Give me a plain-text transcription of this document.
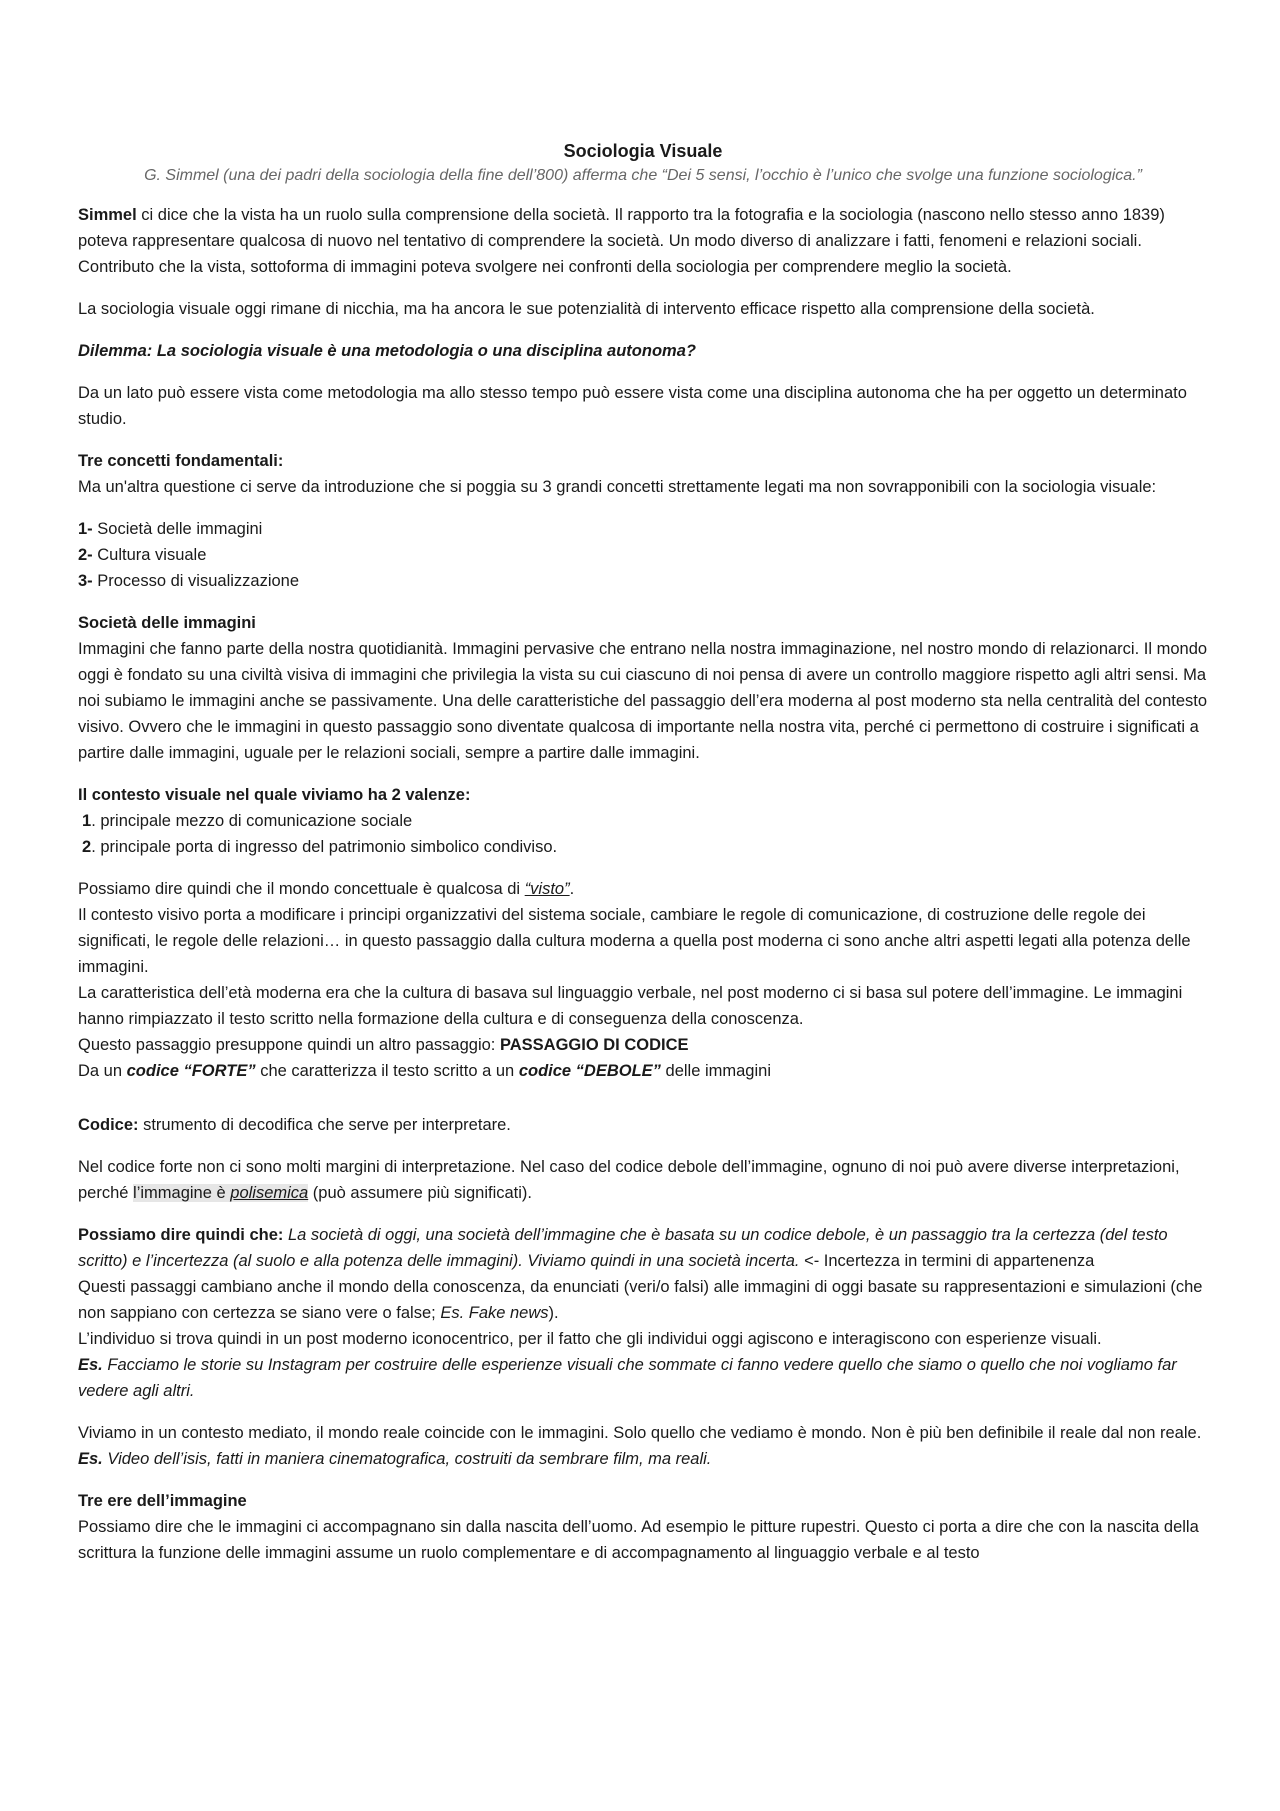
Sociologia Visuale
G. Simmel (una dei padri della sociologia della fine dell’800) afferma che “Dei 5 sensi, l’occhio è l’unico che svolge una funzione sociologica.”

Simmel ci dice che la vista ha un ruolo sulla comprensione della società. Il rapporto tra la fotografia e la sociologia (nascono nello stesso anno 1839) poteva rappresentare qualcosa di nuovo nel tentativo di comprendere la società. Un modo diverso di analizzare i fatti, fenomeni e relazioni sociali. Contributo che la vista, sottoforma di immagini poteva svolgere nei confronti della sociologia per comprendere meglio la società.

La sociologia visuale oggi rimane di nicchia, ma ha ancora le sue potenzialità di intervento efficace rispetto alla comprensione della società.

Dilemma: La sociologia visuale è una metodologia o una disciplina autonoma?

Da un lato può essere vista come metodologia ma allo stesso tempo può essere vista come una disciplina autonoma che ha per oggetto un determinato studio.

Tre concetti fondamentali:
Ma un'altra questione ci serve da introduzione che si poggia su 3 grandi concetti strettamente legati ma non sovrapponibili con la sociologia visuale:

1- Società delle immagini
2- Cultura visuale
3- Processo di visualizzazione

Società delle immagini
Immagini che fanno parte della nostra quotidianità. Immagini pervasive che entrano nella nostra immaginazione, nel nostro mondo di relazionarci. Il mondo oggi è fondato su una civiltà visiva di immagini che privilegia la vista su cui ciascuno di noi pensa di avere un controllo maggiore rispetto agli altri sensi. Ma noi subiamo le immagini anche se passivamente. Una delle caratteristiche del passaggio dell’era moderna al post moderno sta nella centralità del contesto visivo. Ovvero che le immagini in questo passaggio sono diventate qualcosa di importante nella nostra vita, perché ci permettono di costruire i significati a partire dalle immagini, uguale per le relazioni sociali, sempre a partire dalle immagini.

Il contesto visuale nel quale viviamo ha 2 valenze:
1. principale mezzo di comunicazione sociale
2. principale porta di ingresso del patrimonio simbolico condiviso.

Possiamo dire quindi che il mondo concettuale è qualcosa di “visto”.
Il contesto visivo porta a modificare i principi organizzativi del sistema sociale, cambiare le regole di comunicazione, di costruzione delle regole dei significati, le regole delle relazioni… in questo passaggio dalla cultura moderna a quella post moderna ci sono anche altri aspetti legati alla potenza delle immagini.
La caratteristica dell’età moderna era che la cultura di basava sul linguaggio verbale, nel post moderno ci si basa sul potere dell’immagine. Le immagini hanno rimpiazzato il testo scritto nella formazione della cultura e di conseguenza della conoscenza.
Questo passaggio presuppone quindi un altro passaggio: PASSAGGIO DI CODICE
Da un codice “FORTE” che caratterizza il testo scritto a un codice “DEBOLE” delle immagini

Codice: strumento di decodifica che serve per interpretare.

Nel codice forte non ci sono molti margini di interpretazione. Nel caso del codice debole dell’immagine, ognuno di noi può avere diverse interpretazioni, perché l’immagine è polisemica (può assumere più significati).

Possiamo dire quindi che: La società di oggi, una società dell’immagine che è basata su un codice debole, è un passaggio tra la certezza (del testo scritto) e l’incertezza (al suolo e alla potenza delle immagini). Viviamo quindi in una società incerta. <- Incertezza in termini di appartenenza
Questi passaggi cambiano anche il mondo della conoscenza, da enunciati (veri/o falsi) alle immagini di oggi basate su rappresentazioni e simulazioni (che non sappiano con certezza se siano vere o false; Es. Fake news).
L’individuo si trova quindi in un post moderno iconocentrico, per il fatto che gli individui oggi agiscono e interagiscono con esperienze visuali.
Es. Facciamo le storie su Instagram per costruire delle esperienze visuali che sommate ci fanno vedere quello che siamo o quello che noi vogliamo far vedere agli altri.

Viviamo in un contesto mediato, il mondo reale coincide con le immagini. Solo quello che vediamo è mondo. Non è più ben definibile il reale dal non reale. Es. Video dell’isis, fatti in maniera cinematografica, costruiti da sembrare film, ma reali.

Tre ere dell’immagine
Possiamo dire che le immagini ci accompagnano sin dalla nascita dell’uomo. Ad esempio le pitture rupestri. Questo ci porta a dire che con la nascita della scrittura la funzione delle immagini assume un ruolo complementare e di accompagnamento al linguaggio verbale e al testo
